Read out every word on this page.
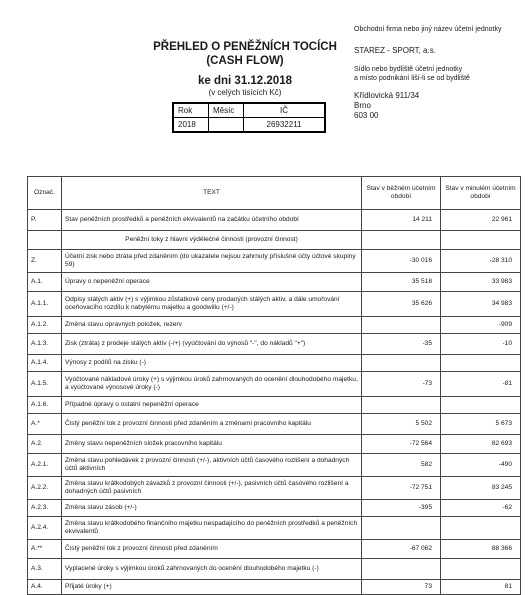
PŘEHLED O PENĚŽNÍCH TOCÍCH
(CASH FLOW)
ke dni 31.12.2018
(v celých tisících Kč)
Rok	Měsíc	IČ
2018		26932211
Obchodní firma nebo jiný název účetní jednotky
STAREZ - SPORT, a.s.
Sídlo nebo bydliště účetní jednotky
a místo podnikání liší-li se od bydliště
Křídlovická 911/34
Brno
603 00
Označ.	TEXT	Stav v běžném účetním období	Stav v minulém účetním období
P.	Stav peněžních prostředků a peněžních ekvivalentů na začátku účetního období	14 211	22 961
	Peněžní toky z hlavní výdělečné činnosti (provozní činnost)		
Z.	Účetní zisk nebo ztráta před zdaněním (do ukazatele nejsou zahrnuty příslušné účty účtové skupiny 59)	-30 016	-28 310
A.1.	Úpravy o nepeněžní operace	35 518	33 983
A.1.1.	Odpisy stálých aktiv (+) s výjimkou zůstatkové ceny prodaných stálých aktiv, a dále umořování oceňovacího rozdílu k nabytému majetku a goodwillu (+/-)	35 626	34 983
A.1.2.	Změna stavu opravných položek, rezerv		-909
A.1.3.	Zisk (ztráta) z prodeje stálých aktiv (-/+) (vyúčtování do výnosů "-", do nákladů "+")	-35	-10
A.1.4.	Výnosy z podílů na zisku (-)		
A.1.5.	Vyúčtované nákladové úroky (+) s výjimkou úroků zahrnovaných do ocenění dlouhodobého majetku, a vyúčtované výnosové úroky (-)	-73	-81
A.1.6.	Případné úpravy o ostatní nepeněžní operace		
A.*	Čistý peněžní tok z provozní činnosti před zdaněním a změnami pracovního kapitálu	5 502	5 673
A.2.	Změny stavu nepeněžních složek pracovního kapitálu	-72 564	82 693
A.2.1.	Změna stavu pohledávek z provozní činnosti (+/-), aktivních účtů časového rozlišení a dohadných účtů aktivních	582	-490
A.2.2.	Změna stavu krátkodobých závazků z provozní činnosti (+/-), pasivních účtů časového rozlišení a dohadných účtů pasivních	-72 751	83 245
A.2.3.	Změna stavu zásob (+/-)	-395	-62
A.2.4.	Změna stavu krátkodobého finančního majetku nespadajícího do peněžních prostředků a peněžních ekvivalentů		
A.**	Čistý peněžní tok z provozní činnosti před zdaněním	-67 062	88 366
A.3.	Vyplacené úroky s výjimkou úroků zahrnovaných do ocenění dlouhodobého majetku (-)		
A.4.	Přijaté úroky (+)	73	81
